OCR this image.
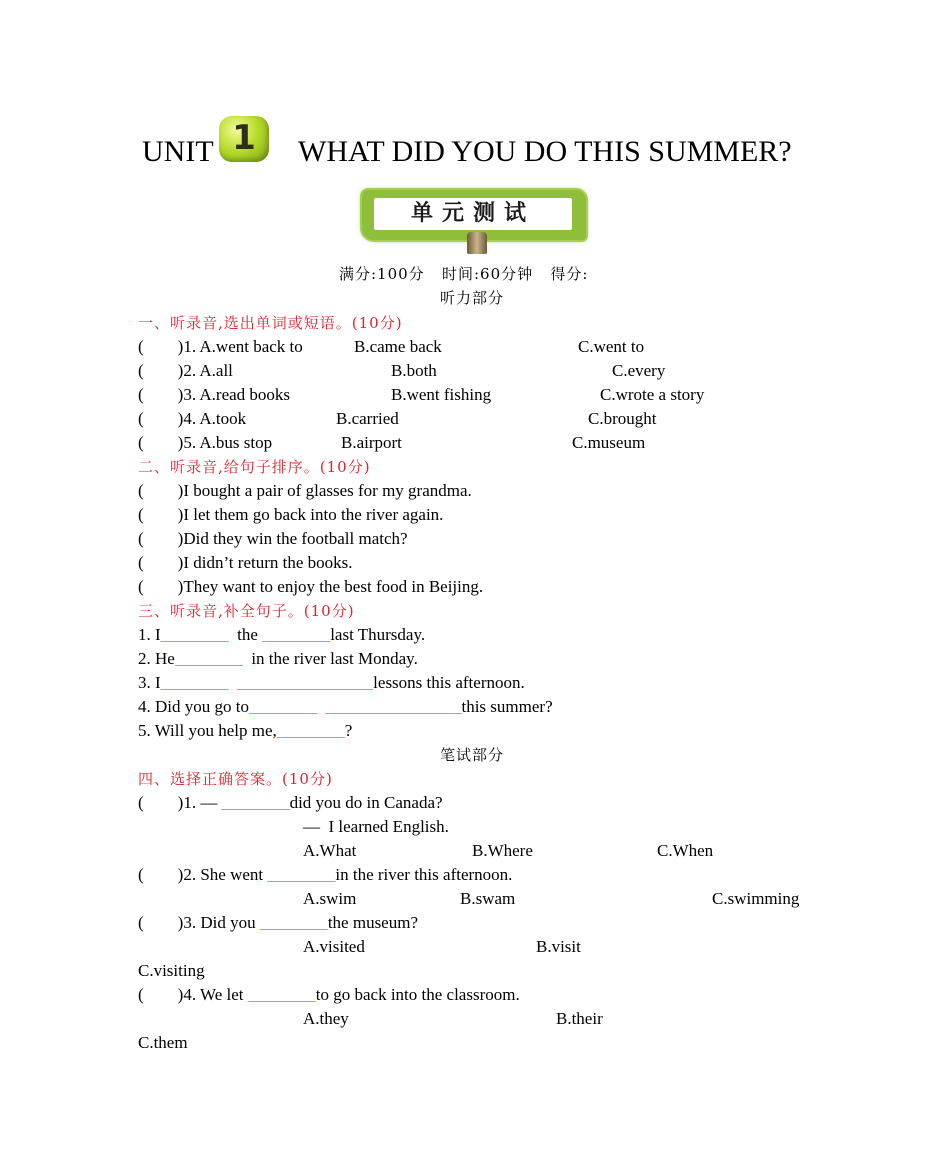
UNIT 1	WHAT DID YOU DO THIS SUMMER?
单元测试
满分:100分   时间:60分钟   得分:
听力部分
一、听录音,选出单词或短语。(10分)
(        )1. A.went back to	B.came back	C.went to
(        )2. A.all	B.both	C.every
(        )3. A.read books	B.went fishing	C.wrote a story
(        )4. A.took	B.carried	C.brought
(        )5. A.bus stop	B.airport	C.museum
二、听录音,给句子排序。(10分)
(        )I bought a pair of glasses for my grandma.
(        )I let them go back into the river again.
(        )Did they win the football match?
(        )I didn’t return the books.
(        )They want to enjoy the best food in Beijing.
三、听录音,补全句子。(10分)
1. I________  the ________last Thursday.
2. He________  in the river last Monday.
3. I________ ________________lessons this afternoon.
4. Did you go to________ ________________this summer?
5. Will you help me,________?
笔试部分
四、选择正确答案。(10分)
(        )1. — ________did you do in Canada?
—  I learned English.
A.What	B.Where	C.When
(        )2. She went ________in the river this afternoon.
A.swim	B.swam	C.swimming
(        )3. Did you ________the museum?
A.visited	B.visit
C.visiting
(        )4. We let ________to go back into the classroom.
A.they	B.their
C.them
